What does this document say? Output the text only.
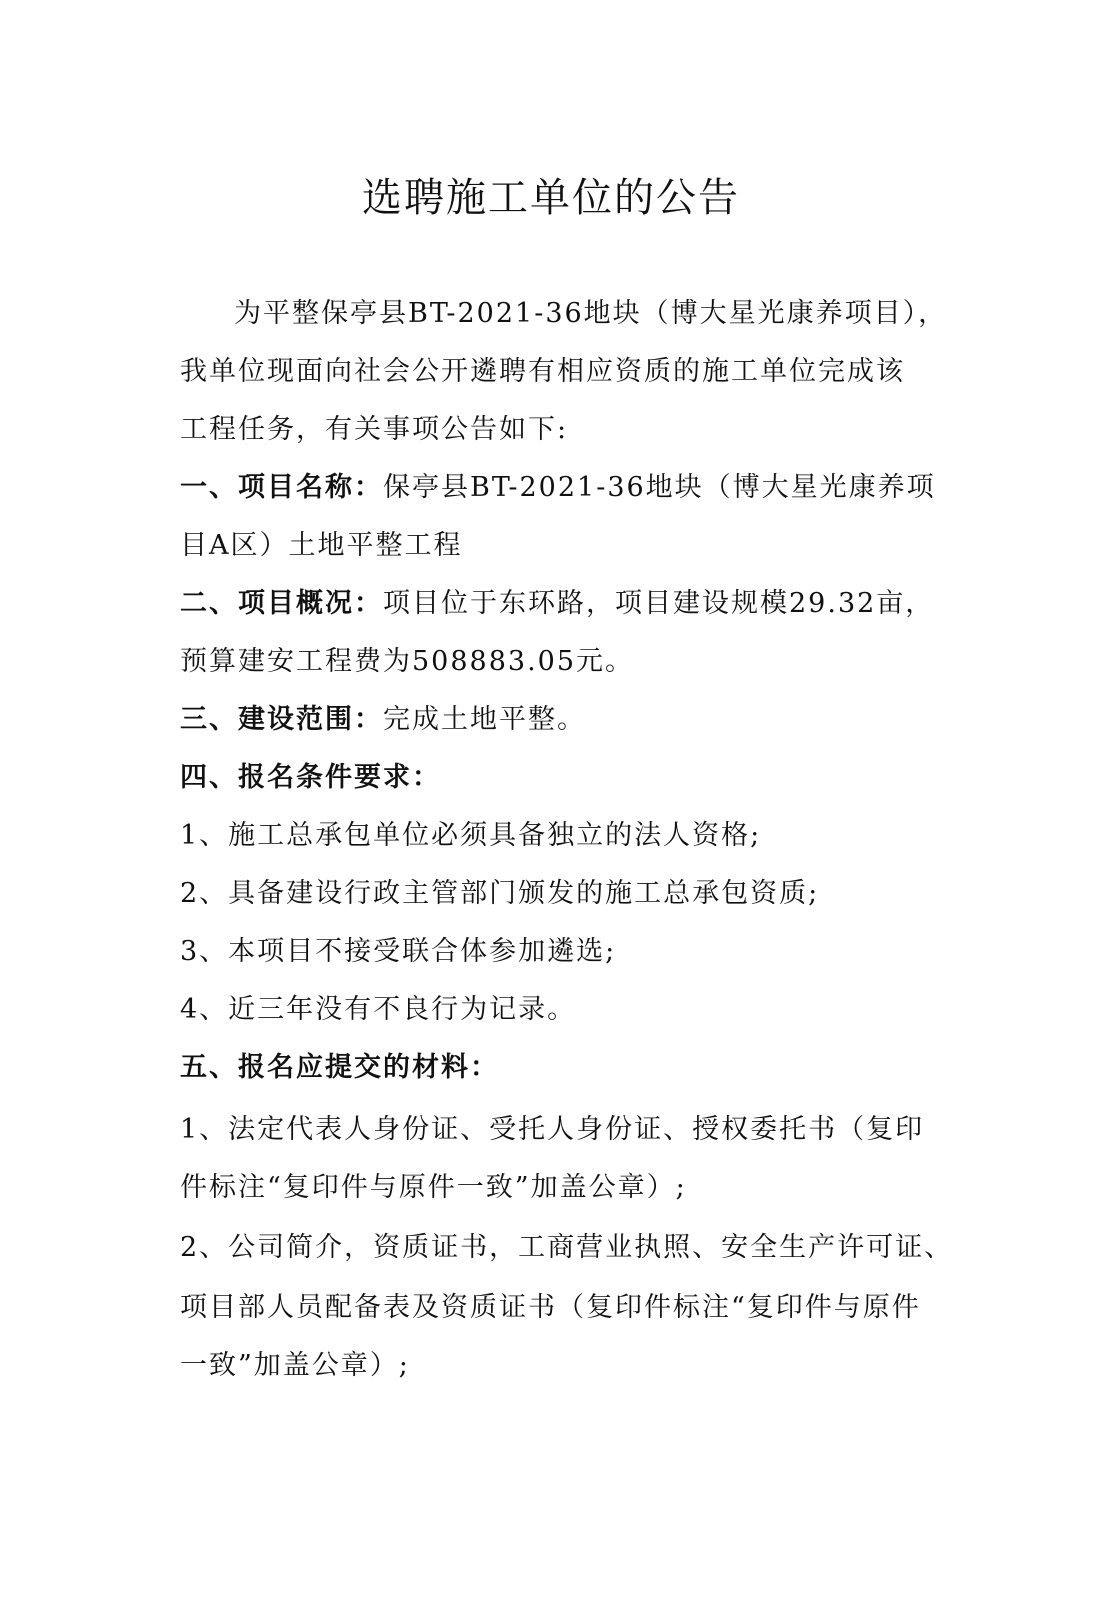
选聘施工单位的公告
为平整保亭县BT-2021-36地块（博大星光康养项目），
我单位现面向社会公开遴聘有相应资质的施工单位完成该
工程任务，有关事项公告如下:
一、项目名称：保亭县BT-2021-36地块（博大星光康养项
目A区）土地平整工程
二、项目概况：项目位于东环路，项目建设规模29.32亩，
预算建安工程费为508883.05元。
三、建设范围：完成土地平整。
四、报名条件要求：
1、施工总承包单位必须具备独立的法人资格;
2、具备建设行政主管部门颁发的施工总承包资质;
3、本项目不接受联合体参加遴选;
4、近三年没有不良行为记录。
五、报名应提交的材料：
1、法定代表人身份证、受托人身份证、授权委托书（复印
件标注“复印件与原件一致”加盖公章）;
2、公司简介，资质证书，工商营业执照、安全生产许可证、
项目部人员配备表及资质证书（复印件标注“复印件与原件
一致”加盖公章）;
